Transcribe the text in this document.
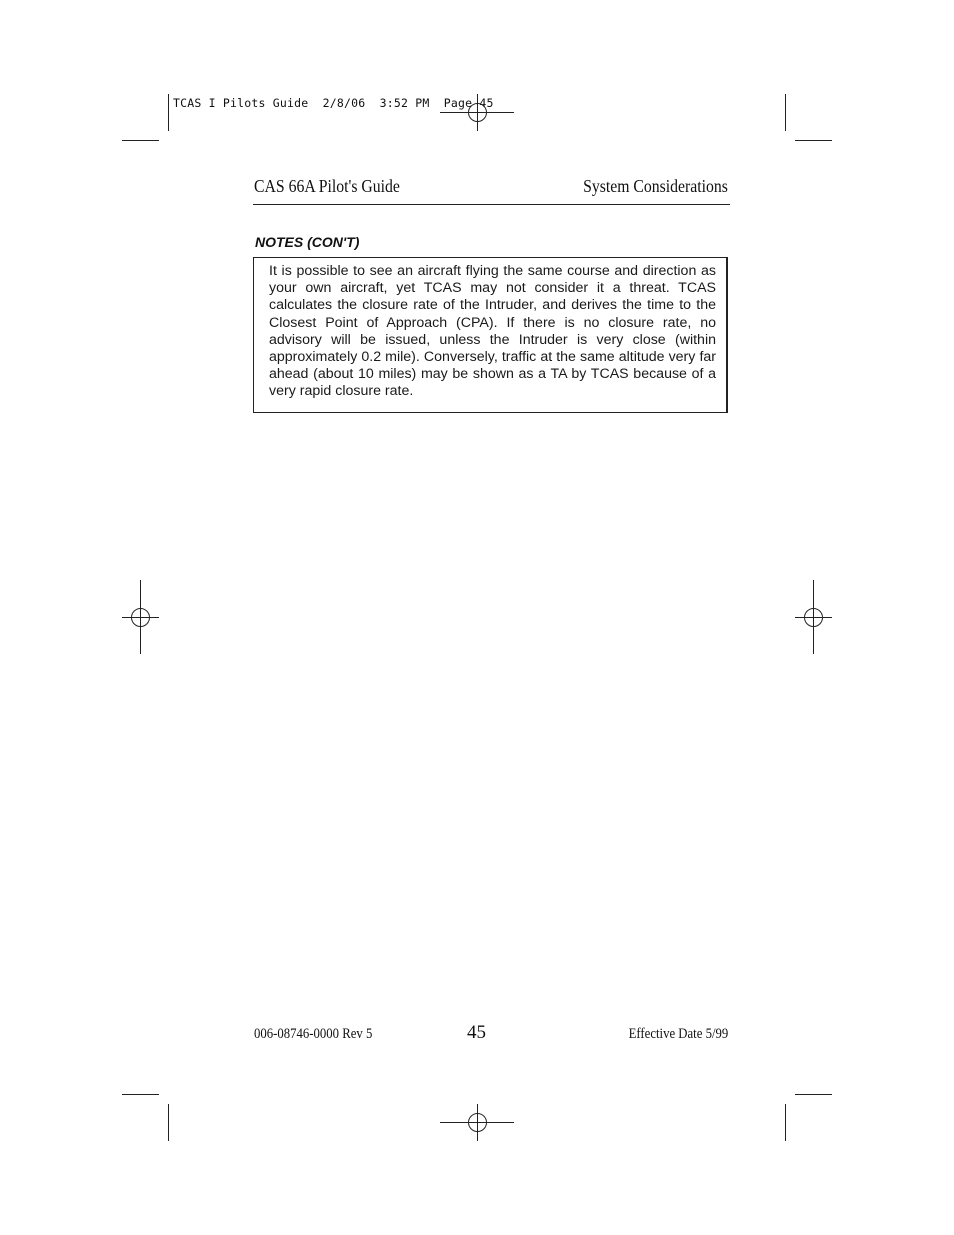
TCAS I Pilots Guide  2/8/06  3:52 PM  Page 45
CAS 66A Pilot's Guide	System Considerations
NOTES (CON'T)

It is possible to see an aircraft flying the same course and direction as your own aircraft, yet TCAS may not consider it a threat. TCAS calculates the closure rate of the Intruder, and derives the time to the Closest Point of Approach (CPA). If there is no closure rate, no advisory will be issued, unless the Intruder is very close (within approximately 0.2 mile). Conversely, traffic at the same altitude very far ahead (about 10 miles) may be shown as a TA by TCAS because of a very rapid closure rate.

006-08746-0000 Rev 5	45	Effective Date 5/99
